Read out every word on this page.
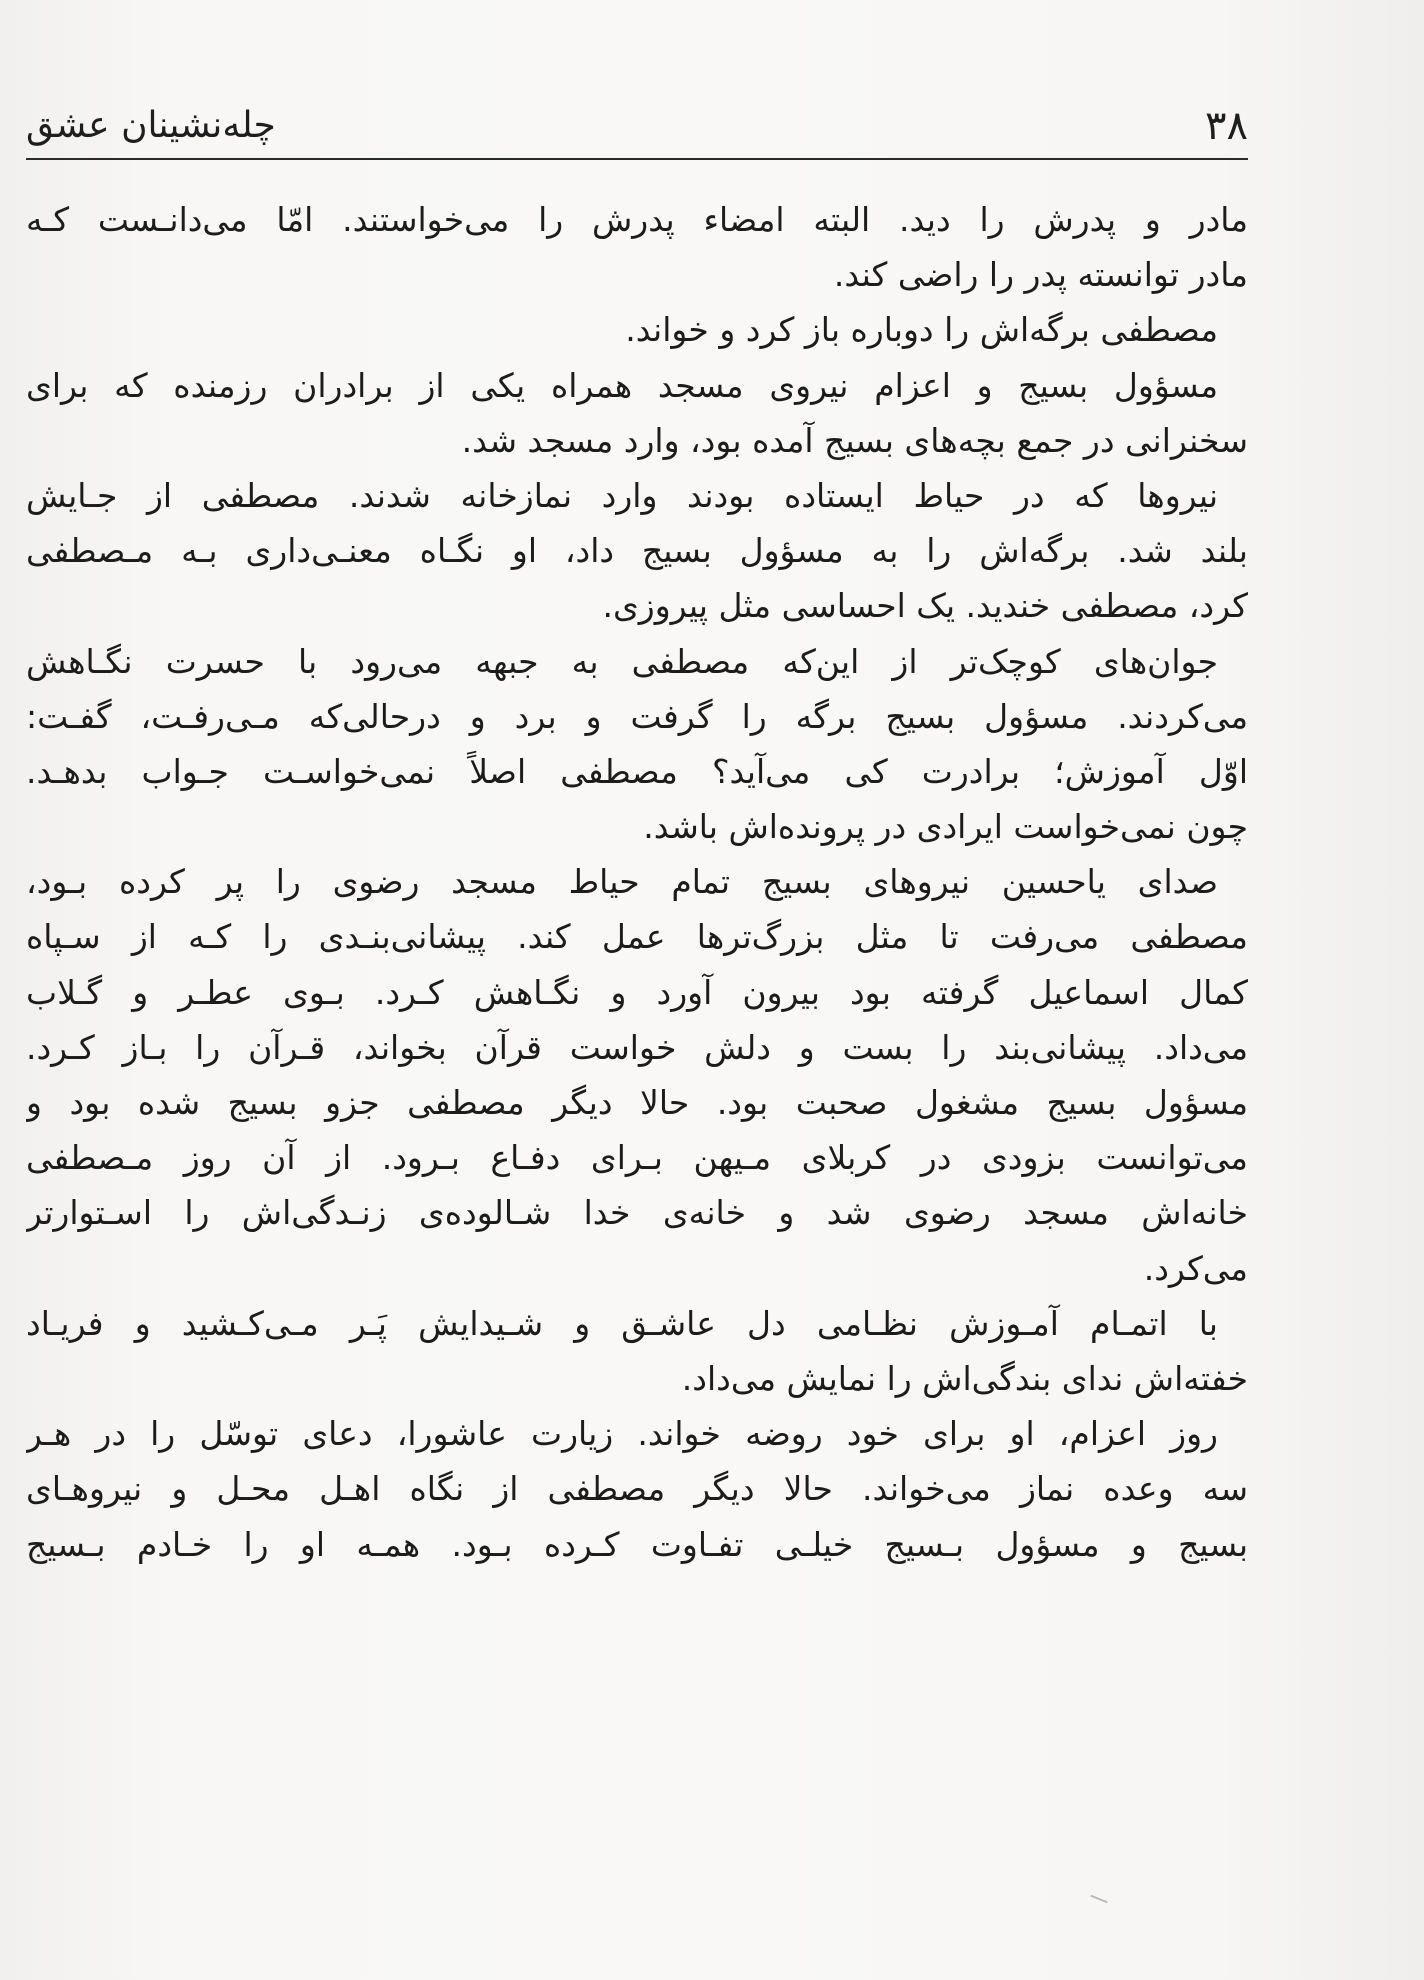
۳۸
چله‌نشینان عشق
مادر و پدرش را دید. البته امضاء پدرش را می‌خواستند. امّا می‌دانـست کـه
مادر توانسته پدر را راضی کند.
مصطفی برگه‌اش را دوباره باز کرد و خواند.
مسؤول بسیج و اعزام نیروی مسجد همراه یکی از برادران رزمنده که برای
سخنرانی در جمع بچه‌های بسیج آمده بود، وارد مسجد شد.
نیروها که در حیاط ایستاده بودند وارد نمازخانه شدند. مصطفی از جـایش
بلند شد. برگه‌اش را به مسؤول بسیج داد، او نگـاه معنـی‌داری بـه مـصطفی
کرد، مصطفی خندید. یک احساسی مثل پیروزی.
جوان‌های کوچک‌تر از این‌که مصطفی به جبهه می‌رود با حسرت نگـاهش
می‌کردند. مسؤول بسیج برگه را گرفت و برد و درحالی‌که مـی‌رفـت، گفـت:
اوّل آموزش؛ برادرت کی می‌آید؟ مصطفی اصلاً نمی‌خواسـت جـواب بدهـد.
چون نمی‌خواست ایرادی در پرونده‌اش باشد.
صدای یاحسین نیروهای بسیج تمام حیاط مسجد رضوی را پر کرده بـود،
مصطفی می‌رفت تا مثل بزرگ‌ترها عمل کند. پیشانی‌بنـدی را کـه از سـپاه
کمال اسماعیل گرفته بود بیرون آورد و نگـاهش کـرد. بـوی عطـر و گـلاب
می‌داد. پیشانی‌بند را بست و دلش خواست قرآن بخواند، قـرآن را بـاز کـرد.
مسؤول بسیج مشغول صحبت بود. حالا دیگر مصطفی جزو بسیج شده بود و
می‌توانست بزودی در کربلای مـیهن بـرای دفـاع بـرود. از آن روز مـصطفی
خانه‌اش مسجد رضوی شد و خانه‌ی خدا شـالوده‌ی زنـدگی‌اش را اسـتوارتر
می‌کرد.
با اتمـام آمـوزش نظـامی دل عاشـق و شـیدایش پَـر مـی‌کـشید و فریـاد
خفته‌اش ندای بندگی‌اش را نمایش می‌داد.
روز اعزام، او برای خود روضه خواند. زیارت عاشورا، دعای توسّل را در هـر
سه وعده نماز می‌خواند. حالا دیگر مصطفی از نگاه اهـل محـل و نیروهـای
بسیج و مسؤول بـسیج خیلـی تفـاوت کـرده بـود. همـه او را خـادم بـسیج
